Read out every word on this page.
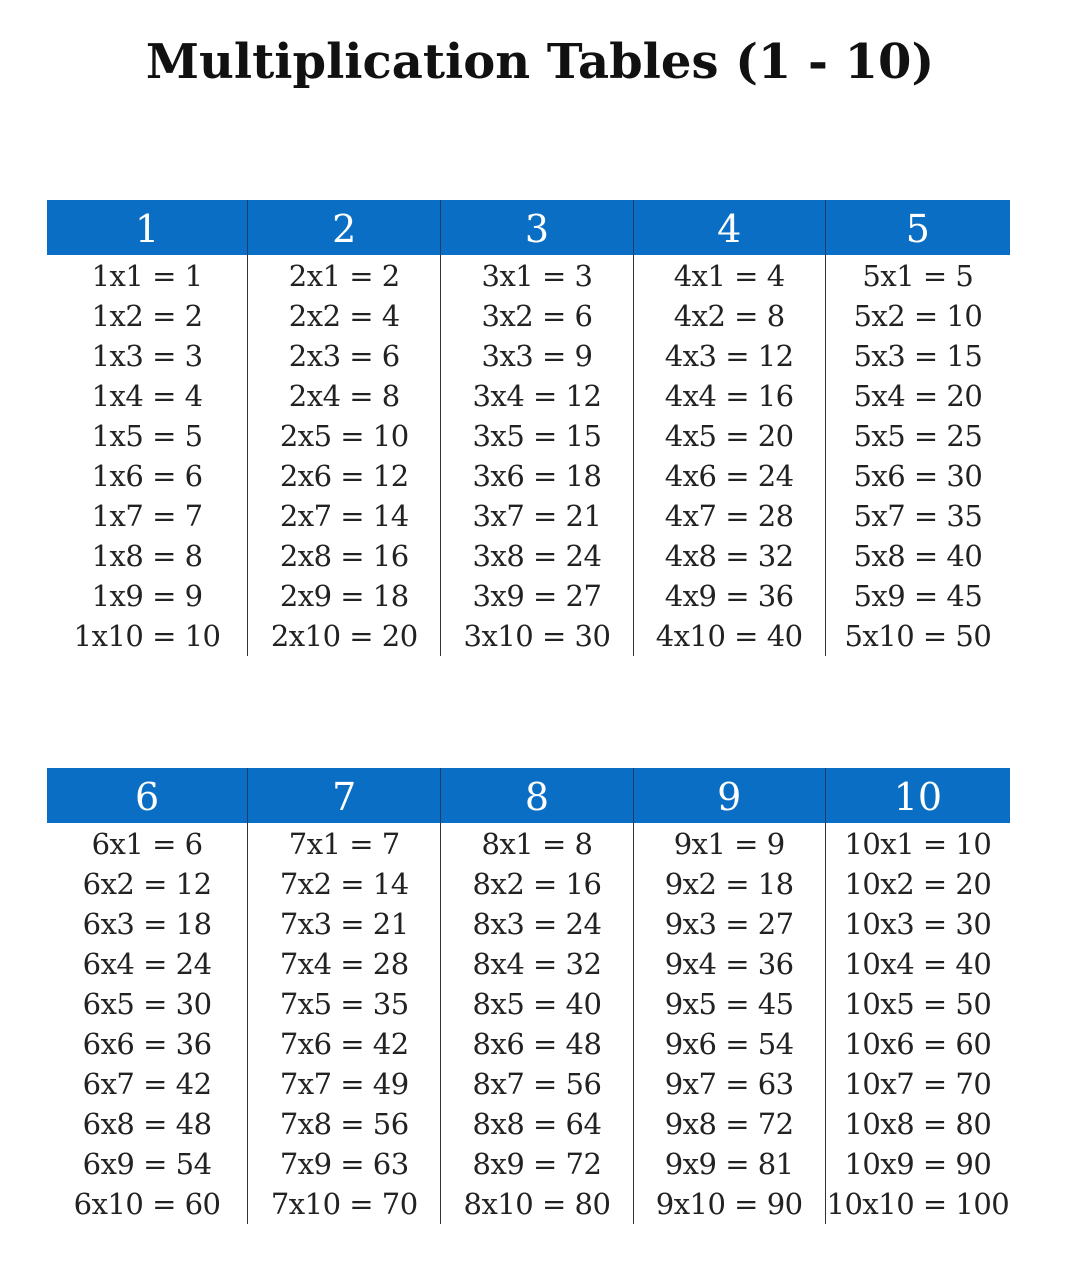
Multiplication Tables (1 - 10)
1
1x1 = 1
1x2 = 2
1x3 = 3
1x4 = 4
1x5 = 5
1x6 = 6
1x7 = 7
1x8 = 8
1x9 = 9
1x10 = 10
2
2x1 = 2
2x2 = 4
2x3 = 6
2x4 = 8
2x5 = 10
2x6 = 12
2x7 = 14
2x8 = 16
2x9 = 18
2x10 = 20
3
3x1 = 3
3x2 = 6
3x3 = 9
3x4 = 12
3x5 = 15
3x6 = 18
3x7 = 21
3x8 = 24
3x9 = 27
3x10 = 30
4
4x1 = 4
4x2 = 8
4x3 = 12
4x4 = 16
4x5 = 20
4x6 = 24
4x7 = 28
4x8 = 32
4x9 = 36
4x10 = 40
5
5x1 = 5
5x2 = 10
5x3 = 15
5x4 = 20
5x5 = 25
5x6 = 30
5x7 = 35
5x8 = 40
5x9 = 45
5x10 = 50
6
6x1 = 6
6x2 = 12
6x3 = 18
6x4 = 24
6x5 = 30
6x6 = 36
6x7 = 42
6x8 = 48
6x9 = 54
6x10 = 60
7
7x1 = 7
7x2 = 14
7x3 = 21
7x4 = 28
7x5 = 35
7x6 = 42
7x7 = 49
7x8 = 56
7x9 = 63
7x10 = 70
8
8x1 = 8
8x2 = 16
8x3 = 24
8x4 = 32
8x5 = 40
8x6 = 48
8x7 = 56
8x8 = 64
8x9 = 72
8x10 = 80
9
9x1 = 9
9x2 = 18
9x3 = 27
9x4 = 36
9x5 = 45
9x6 = 54
9x7 = 63
9x8 = 72
9x9 = 81
9x10 = 90
10
10x1 = 10
10x2 = 20
10x3 = 30
10x4 = 40
10x5 = 50
10x6 = 60
10x7 = 70
10x8 = 80
10x9 = 90
10x10 = 100
